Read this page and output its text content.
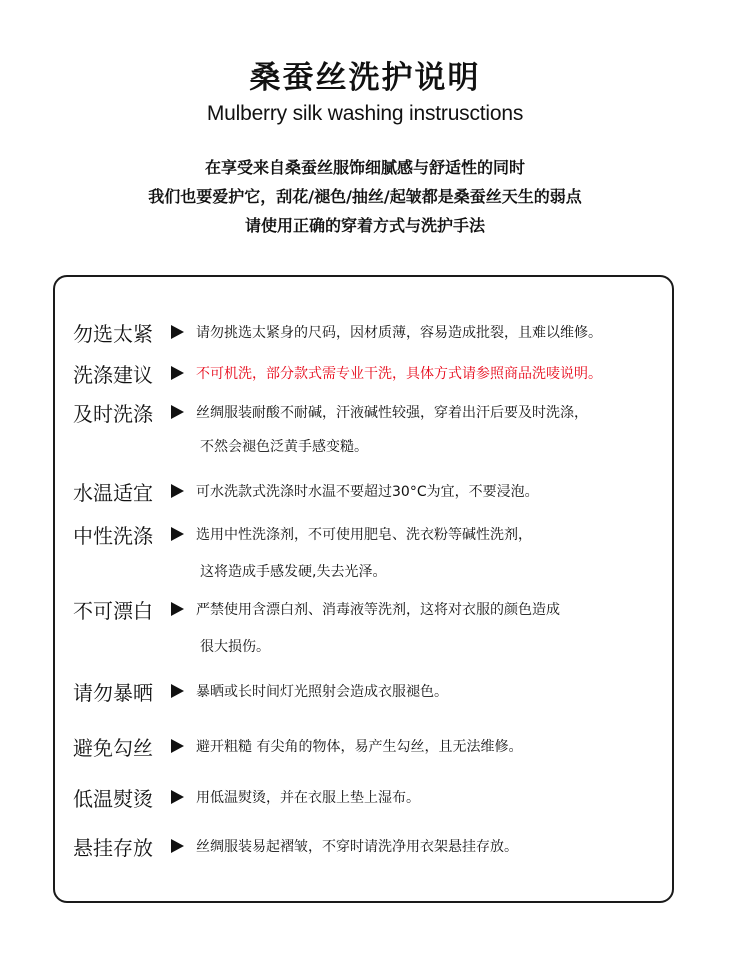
桑蚕丝洗护说明
Mulberry silk washing instrusctions
在享受来自桑蚕丝服饰细腻感与舒适性的同时
我们也要爱护它，刮花/褪色/抽丝/起皱都是桑蚕丝天生的弱点
请使用正确的穿着方式与洗护手法
勿选太紧	请勿挑选太紧身的尺码，因材质薄，容易造成批裂，且难以维修。
洗涤建议	不可机洗，部分款式需专业干洗，具体方式请参照商品洗唛说明。
及时洗涤	丝绸服装耐酸不耐碱，汗液碱性较强，穿着出汗后要及时洗涤，
不然会褪色泛黄手感变糙。
水温适宜	可水洗款式洗涤时水温不要超过30°C为宜，不要浸泡。
中性洗涤	选用中性洗涤剂，不可使用肥皂、洗衣粉等碱性洗剂，
这将造成手感发硬,失去光泽。
不可漂白	严禁使用含漂白剂、消毒液等洗剂，这将对衣服的颜色造成
很大损伤。
请勿暴晒	暴晒或长时间灯光照射会造成衣服褪色。
避免勾丝	避开粗糙 有尖角的物体，易产生勾丝，且无法维修。
低温熨烫	用低温熨烫，并在衣服上垫上湿布。
悬挂存放	丝绸服装易起褶皱，不穿时请洗净用衣架悬挂存放。
